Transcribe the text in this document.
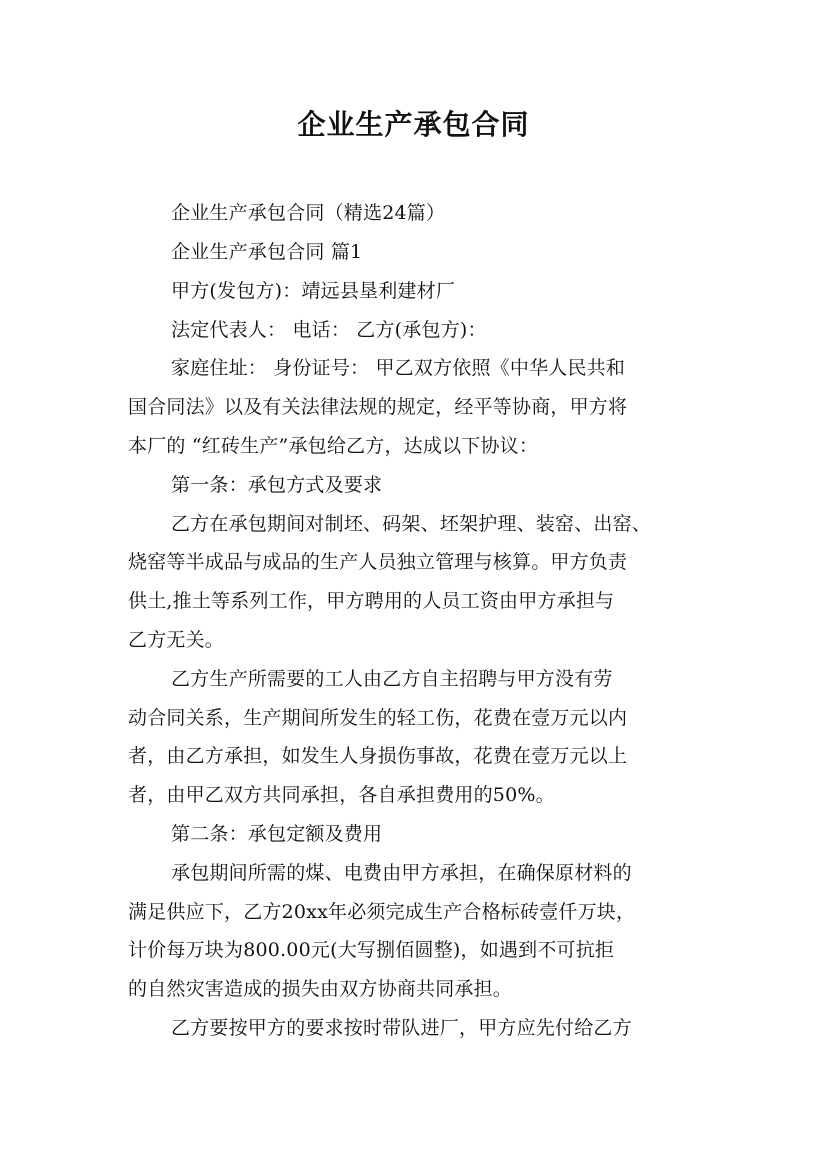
企业生产承包合同
企业生产承包合同（精选24篇）
企业生产承包合同 篇1
甲方(发包方)：靖远县垦利建材厂
法定代表人： 电话： 乙方(承包方)：
家庭住址： 身份证号： 甲乙双方依照《中华人民共和
国合同法》以及有关法律法规的规定，经平等协商，甲方将
本厂的 “红砖生产”承包给乙方，达成以下协议：
第一条：承包方式及要求
乙方在承包期间对制坯、码架、坯架护理、装窑、出窑、
烧窑等半成品与成品的生产人员独立管理与核算。甲方负责
供土,推土等系列工作，甲方聘用的人员工资由甲方承担与
乙方无关。
乙方生产所需要的工人由乙方自主招聘与甲方没有劳
动合同关系，生产期间所发生的轻工伤，花费在壹万元以内
者，由乙方承担，如发生人身损伤事故，花费在壹万元以上
者，由甲乙双方共同承担，各自承担费用的50%。
第二条：承包定额及费用
承包期间所需的煤、电费由甲方承担，在确保原材料的
满足供应下，乙方20xx年必须完成生产合格标砖壹仟万块，
计价每万块为800.00元(大写捌佰圆整)，如遇到不可抗拒
的自然灾害造成的损失由双方协商共同承担。
乙方要按甲方的要求按时带队进厂，甲方应先付给乙方
